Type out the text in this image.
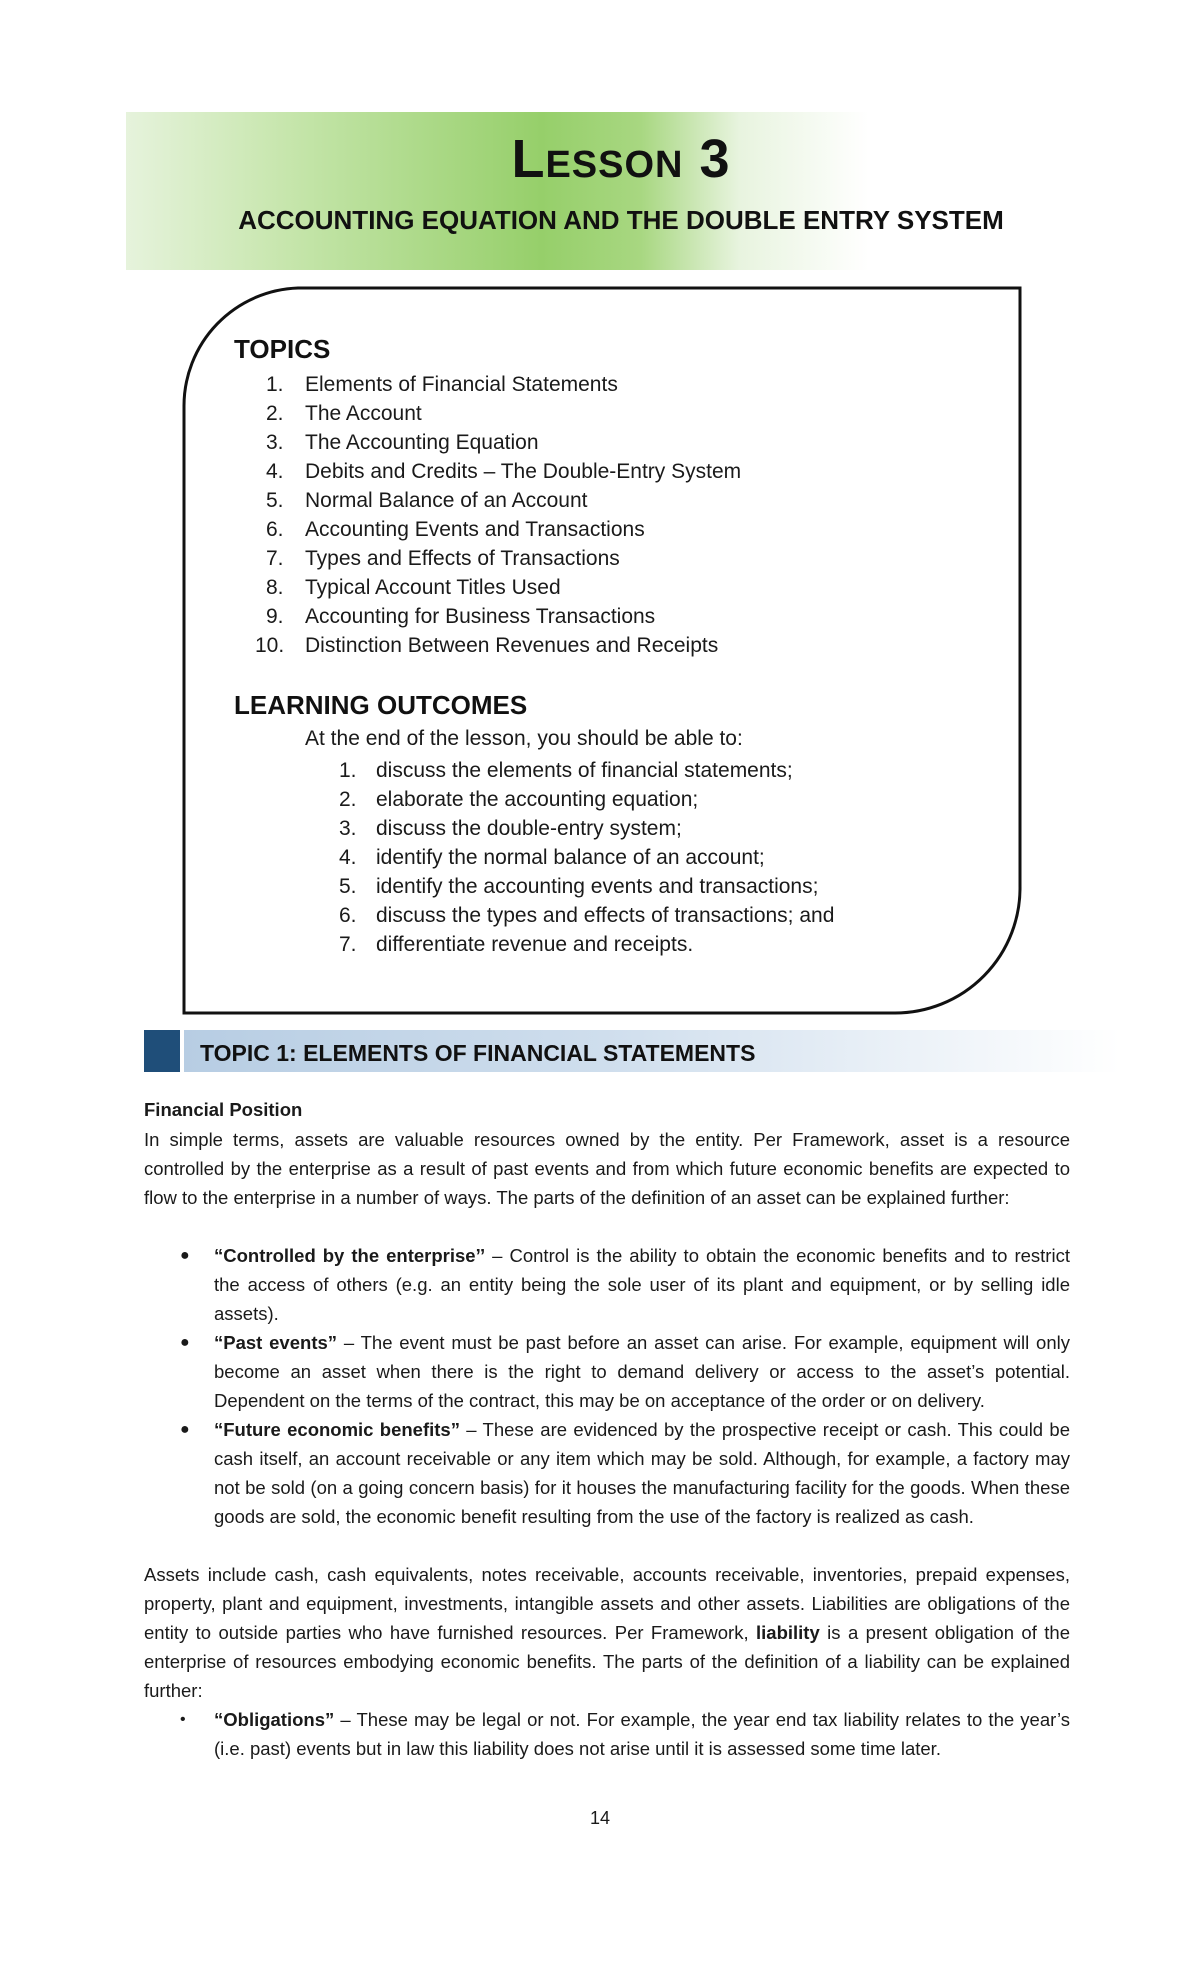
LESSON 3
ACCOUNTING EQUATION AND THE DOUBLE ENTRY SYSTEM
TOPICS
1. Elements of Financial Statements
2. The Account
3. The Accounting Equation
4. Debits and Credits – The Double-Entry System
5. Normal Balance of an Account
6. Accounting Events and Transactions
7. Types and Effects of Transactions
8. Typical Account Titles Used
9. Accounting for Business Transactions
10. Distinction Between Revenues and Receipts
LEARNING OUTCOMES
At the end of the lesson, you should be able to:
1. discuss the elements of financial statements;
2. elaborate the accounting equation;
3. discuss the double-entry system;
4. identify the normal balance of an account;
5. identify the accounting events and transactions;
6. discuss the types and effects of transactions; and
7. differentiate revenue and receipts.
TOPIC 1: ELEMENTS OF FINANCIAL STATEMENTS
Financial Position
In simple terms, assets are valuable resources owned by the entity. Per Framework, asset is a resource controlled by the enterprise as a result of past events and from which future economic benefits are expected to flow to the enterprise in a number of ways. The parts of the definition of an asset can be explained further:
● “Controlled by the enterprise’’ – Control is the ability to obtain the economic benefits and to restrict the access of others (e.g. an entity being the sole user of its plant and equipment, or by selling idle assets).
● “Past events” – The event must be past before an asset can arise. For example, equipment will only become an asset when there is the right to demand delivery or access to the asset’s potential. Dependent on the terms of the contract, this may be on acceptance of the order or on delivery.
● “Future economic benefits” – These are evidenced by the prospective receipt or cash. This could be cash itself, an account receivable or any item which may be sold. Although, for example, a factory may not be sold (on a going concern basis) for it houses the manufacturing facility for the goods. When these goods are sold, the economic benefit resulting from the use of the factory is realized as cash.
Assets include cash, cash equivalents, notes receivable, accounts receivable, inventories, prepaid expenses, property, plant and equipment, investments, intangible assets and other assets. Liabilities are obligations of the entity to outside parties who have furnished resources. Per Framework, liability is a present obligation of the enterprise of resources embodying economic benefits. The parts of the definition of a liability can be explained further:
• “Obligations” – These may be legal or not. For example, the year end tax liability relates to the year’s (i.e. past) events but in law this liability does not arise until it is assessed some time later.
14
